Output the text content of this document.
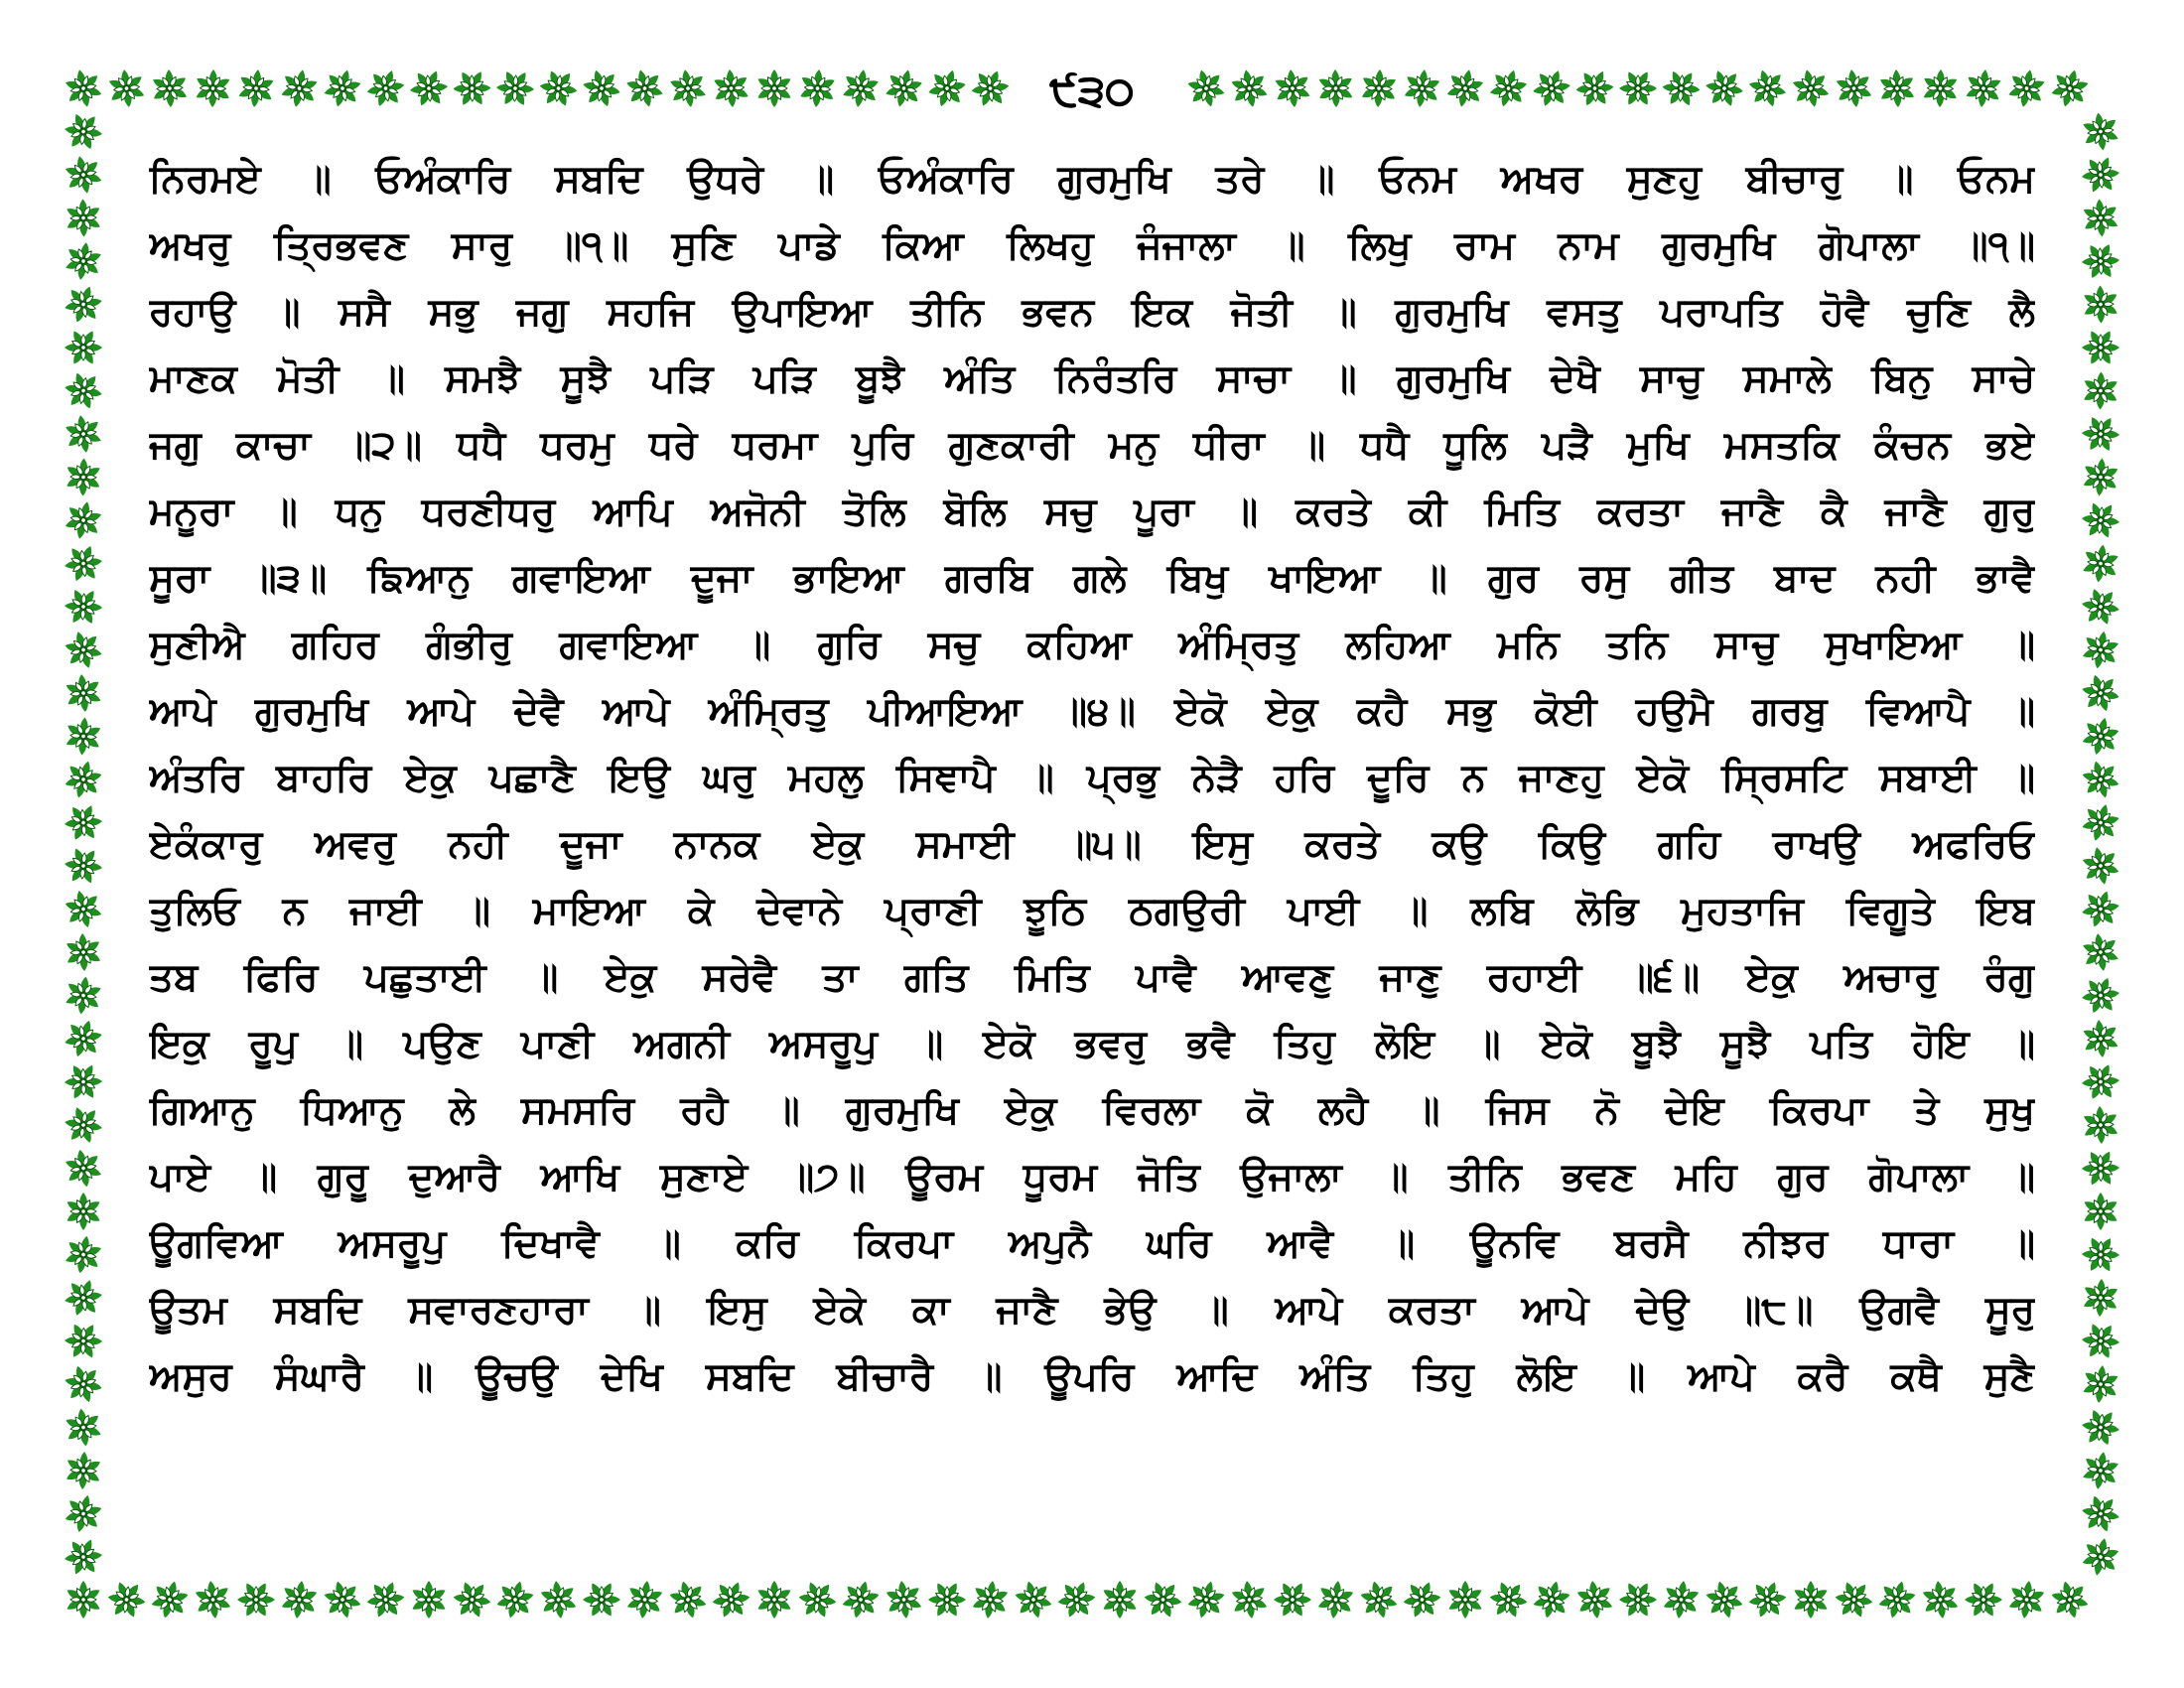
੯੩੦
ਨਿਰਮਏ ॥ ਓਅੰਕਾਰਿ ਸਬਦਿ ਉਧਰੇ ॥ ਓਅੰਕਾਰਿ ਗੁਰਮੁਖਿ ਤਰੇ ॥ ਓਨਮ ਅਖਰ ਸੁਣਹੁ ਬੀਚਾਰੁ ॥ ਓਨਮ
ਅਖਰੁ ਤ੍ਰਿਭਵਣ ਸਾਰੁ ॥੧॥ ਸੁਣਿ ਪਾਡੇ ਕਿਆ ਲਿਖਹੁ ਜੰਜਾਲਾ ॥ ਲਿਖੁ ਰਾਮ ਨਾਮ ਗੁਰਮੁਖਿ ਗੋਪਾਲਾ ॥੧॥
ਰਹਾਉ ॥ ਸਸੈ ਸਭੁ ਜਗੁ ਸਹਜਿ ਉਪਾਇਆ ਤੀਨਿ ਭਵਨ ਇਕ ਜੋਤੀ ॥ ਗੁਰਮੁਖਿ ਵਸਤੁ ਪਰਾਪਤਿ ਹੋਵੈ ਚੁਣਿ ਲੈ
ਮਾਣਕ ਮੋਤੀ ॥ ਸਮਝੈ ਸੂਝੈ ਪੜਿ ਪੜਿ ਬੂਝੈ ਅੰਤਿ ਨਿਰੰਤਰਿ ਸਾਚਾ ॥ ਗੁਰਮੁਖਿ ਦੇਖੈ ਸਾਚੁ ਸਮਾਲੇ ਬਿਨੁ ਸਾਚੇ
ਜਗੁ ਕਾਚਾ ॥੨॥ ਧਧੈ ਧਰਮੁ ਧਰੇ ਧਰਮਾ ਪੁਰਿ ਗੁਣਕਾਰੀ ਮਨੁ ਧੀਰਾ ॥ ਧਧੈ ਧੂਲਿ ਪੜੈ ਮੁਖਿ ਮਸਤਕਿ ਕੰਚਨ ਭਏ
ਮਨੂਰਾ ॥ ਧਨੁ ਧਰਣੀਧਰੁ ਆਪਿ ਅਜੋਨੀ ਤੋਲਿ ਬੋਲਿ ਸਚੁ ਪੂਰਾ ॥ ਕਰਤੇ ਕੀ ਮਿਤਿ ਕਰਤਾ ਜਾਣੈ ਕੈ ਜਾਣੈ ਗੁਰੁ
ਸੂਰਾ ॥੩॥ ਙਿਆਨੁ ਗਵਾਇਆ ਦੂਜਾ ਭਾਇਆ ਗਰਬਿ ਗਲੇ ਬਿਖੁ ਖਾਇਆ ॥ ਗੁਰ ਰਸੁ ਗੀਤ ਬਾਦ ਨਹੀ ਭਾਵੈ
ਸੁਣੀਐ ਗਹਿਰ ਗੰਭੀਰੁ ਗਵਾਇਆ ॥ ਗੁਰਿ ਸਚੁ ਕਹਿਆ ਅੰਮ੍ਰਿਤੁ ਲਹਿਆ ਮਨਿ ਤਨਿ ਸਾਚੁ ਸੁਖਾਇਆ ॥
ਆਪੇ ਗੁਰਮੁਖਿ ਆਪੇ ਦੇਵੈ ਆਪੇ ਅੰਮ੍ਰਿਤੁ ਪੀਆਇਆ ॥੪॥ ਏਕੋ ਏਕੁ ਕਹੈ ਸਭੁ ਕੋਈ ਹਉਮੈ ਗਰਬੁ ਵਿਆਪੈ ॥
ਅੰਤਰਿ ਬਾਹਰਿ ਏਕੁ ਪਛਾਣੈ ਇਉ ਘਰੁ ਮਹਲੁ ਸਿਞਾਪੈ ॥ ਪ੍ਰਭੁ ਨੇੜੈ ਹਰਿ ਦੂਰਿ ਨ ਜਾਣਹੁ ਏਕੋ ਸ੍ਰਿਸਟਿ ਸਬਾਈ ॥
ਏਕੰਕਾਰੁ ਅਵਰੁ ਨਹੀ ਦੂਜਾ ਨਾਨਕ ਏਕੁ ਸਮਾਈ ॥੫॥ ਇਸੁ ਕਰਤੇ ਕਉ ਕਿਉ ਗਹਿ ਰਾਖਉ ਅਫਰਿਓ
ਤੁਲਿਓ ਨ ਜਾਈ ॥ ਮਾਇਆ ਕੇ ਦੇਵਾਨੇ ਪ੍ਰਾਣੀ ਝੂਠਿ ਠਗਉਰੀ ਪਾਈ ॥ ਲਬਿ ਲੋਭਿ ਮੁਹਤਾਜਿ ਵਿਗੂਤੇ ਇਬ
ਤਬ ਫਿਰਿ ਪਛੁਤਾਈ ॥ ਏਕੁ ਸਰੇਵੈ ਤਾ ਗਤਿ ਮਿਤਿ ਪਾਵੈ ਆਵਣੁ ਜਾਣੁ ਰਹਾਈ ॥੬॥ ਏਕੁ ਅਚਾਰੁ ਰੰਗੁ
ਇਕੁ ਰੂਪੁ ॥ ਪਉਣ ਪਾਣੀ ਅਗਨੀ ਅਸਰੂਪੁ ॥ ਏਕੋ ਭਵਰੁ ਭਵੈ ਤਿਹੁ ਲੋਇ ॥ ਏਕੋ ਬੂਝੈ ਸੂਝੈ ਪਤਿ ਹੋਇ ॥
ਗਿਆਨੁ ਧਿਆਨੁ ਲੇ ਸਮਸਰਿ ਰਹੈ ॥ ਗੁਰਮੁਖਿ ਏਕੁ ਵਿਰਲਾ ਕੋ ਲਹੈ ॥ ਜਿਸ ਨੋ ਦੇਇ ਕਿਰਪਾ ਤੇ ਸੁਖੁ
ਪਾਏ ॥ ਗੁਰੂ ਦੁਆਰੈ ਆਖਿ ਸੁਣਾਏ ॥੭॥ ਊਰਮ ਧੂਰਮ ਜੋਤਿ ਉਜਾਲਾ ॥ ਤੀਨਿ ਭਵਣ ਮਹਿ ਗੁਰ ਗੋਪਾਲਾ ॥
ਊਗਵਿਆ ਅਸਰੂਪੁ ਦਿਖਾਵੈ ॥ ਕਰਿ ਕਿਰਪਾ ਅਪੁਨੈ ਘਰਿ ਆਵੈ ॥ ਊਨਵਿ ਬਰਸੈ ਨੀਝਰ ਧਾਰਾ ॥
ਊਤਮ ਸਬਦਿ ਸਵਾਰਣਹਾਰਾ ॥ ਇਸੁ ਏਕੇ ਕਾ ਜਾਣੈ ਭੇਉ ॥ ਆਪੇ ਕਰਤਾ ਆਪੇ ਦੇਉ ॥੮॥ ਉਗਵੈ ਸੂਰੁ
ਅਸੁਰ ਸੰਘਾਰੈ ॥ ਊਚਉ ਦੇਖਿ ਸਬਦਿ ਬੀਚਾਰੈ ॥ ਊਪਰਿ ਆਦਿ ਅੰਤਿ ਤਿਹੁ ਲੋਇ ॥ ਆਪੇ ਕਰੈ ਕਥੈ ਸੁਣੈ
